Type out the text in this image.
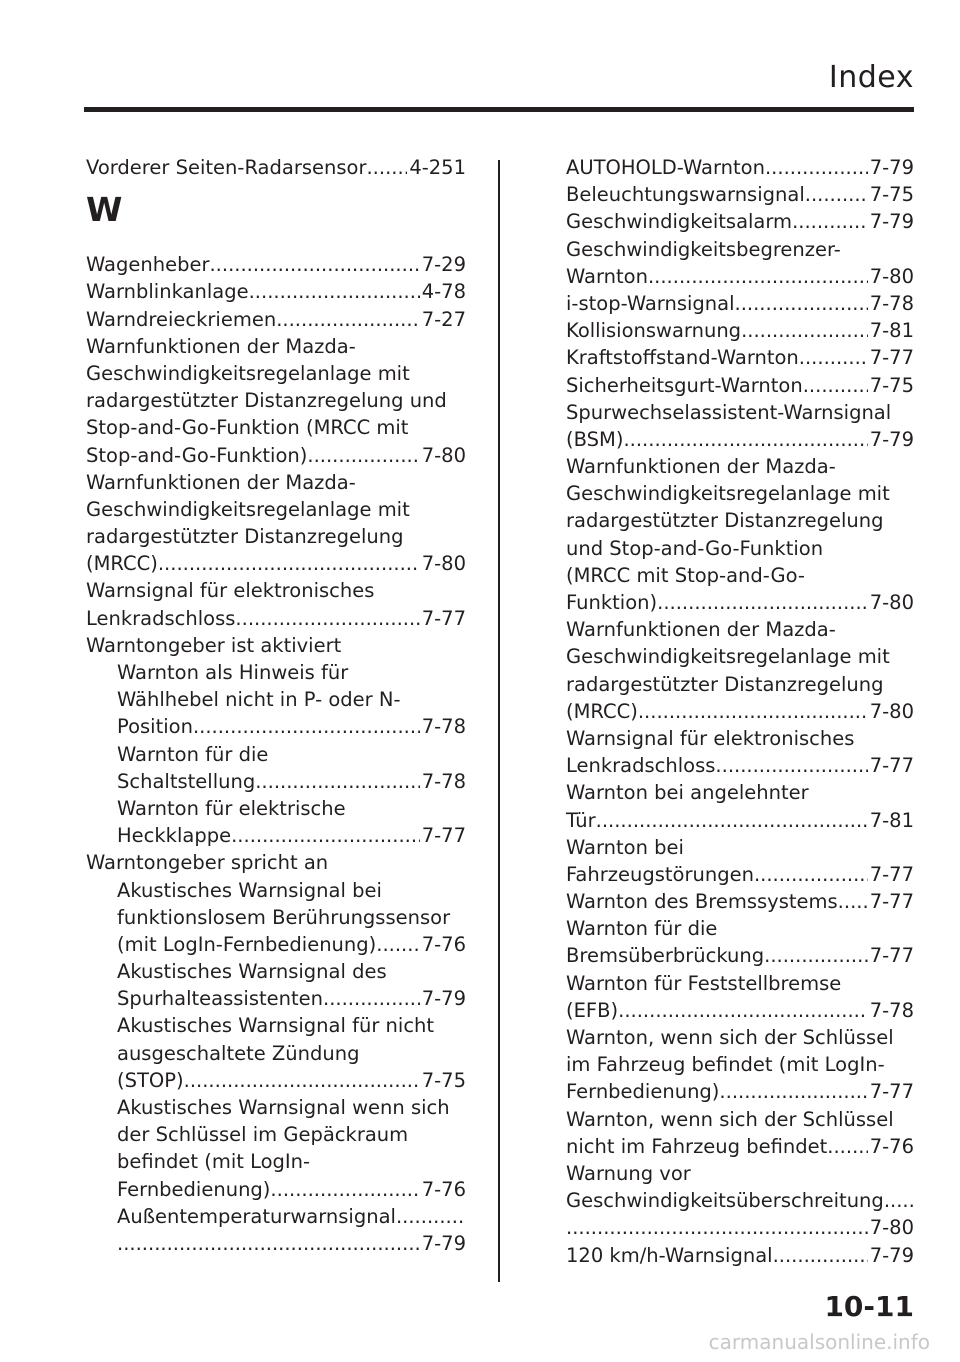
Index
Vorderer Seiten-Radarsensor ..... 4-251
W
Wagenheber .....	7-29
Warnblinkanlage .....	4-78
Warndreieckriemen .....	7-27
Warnfunktionen der Mazda-
Geschwindigkeitsregelanlage mit
radargestützter Distanzregelung und
Stop-and-Go-Funktion (MRCC mit
Stop-and-Go-Funktion) .....	7-80
Warnfunktionen der Mazda-
Geschwindigkeitsregelanlage mit
radargestützter Distanzregelung
(MRCC) .....	7-80
Warnsignal für elektronisches
Lenkradschloss .....	7-77
Warntongeber ist aktiviert
Warnton als Hinweis für
Wählhebel nicht in P- oder N-
Position .....	7-78
Warnton für die
Schaltstellung .....	7-78
Warnton für elektrische
Heckklappe .....	7-77
Warntongeber spricht an
Akustisches Warnsignal bei
funktionslosem Berührungssensor
(mit LogIn-Fernbedienung) ..... 7-76
Akustisches Warnsignal des
Spurhalteassistenten .....	7-79
Akustisches Warnsignal für nicht
ausgeschaltete Zündung
(STOP) .....	7-75
Akustisches Warnsignal wenn sich
der Schlüssel im Gepäckraum
befindet (mit LogIn-
Fernbedienung) .....	7-76
Außentemperaturwarnsignal
.....
.....
7-79
AUTOHOLD-Warnton .....	7-79
Beleuchtungswarnsignal .....	7-75
Geschwindigkeitsalarm .....	7-79
Geschwindigkeitsbegrenzer-
Warnton .....	7-80
i-stop-Warnsignal .....	7-78
Kollisionswarnung .....	7-81
Kraftstoffstand-Warnton .....	7-77
Sicherheitsgurt-Warnton .....	7-75
Spurwechselassistent-Warnsignal
(BSM) .....	7-79
Warnfunktionen der Mazda-
Geschwindigkeitsregelanlage mit
radargestützter Distanzregelung
und Stop-and-Go-Funktion
(MRCC mit Stop-and-Go-
Funktion) .....	7-80
Warnfunktionen der Mazda-
Geschwindigkeitsregelanlage mit
radargestützter Distanzregelung
(MRCC) .....	7-80
Warnsignal für elektronisches
Lenkradschloss .....	7-77
Warnton bei angelehnter
Tür .....	7-81
Warnton bei
Fahrzeugstörungen .....	7-77
Warnton des Bremssystems ..... 7-77
Warnton für die
Bremsüberbrückung .....	7-77
Warnton für Feststellbremse
(EFB) .....	7-78
Warnton, wenn sich der Schlüssel
im Fahrzeug befindet (mit LogIn-
Fernbedienung) .....	7-77
Warnton, wenn sich der Schlüssel
nicht im Fahrzeug befindet ..... 7-76
Warnung vor
Geschwindigkeitsüberschreitung
.....
.....
7-80
120 km/h-Warnsignal .....	7-79
10-11
carmanualsonline.info
